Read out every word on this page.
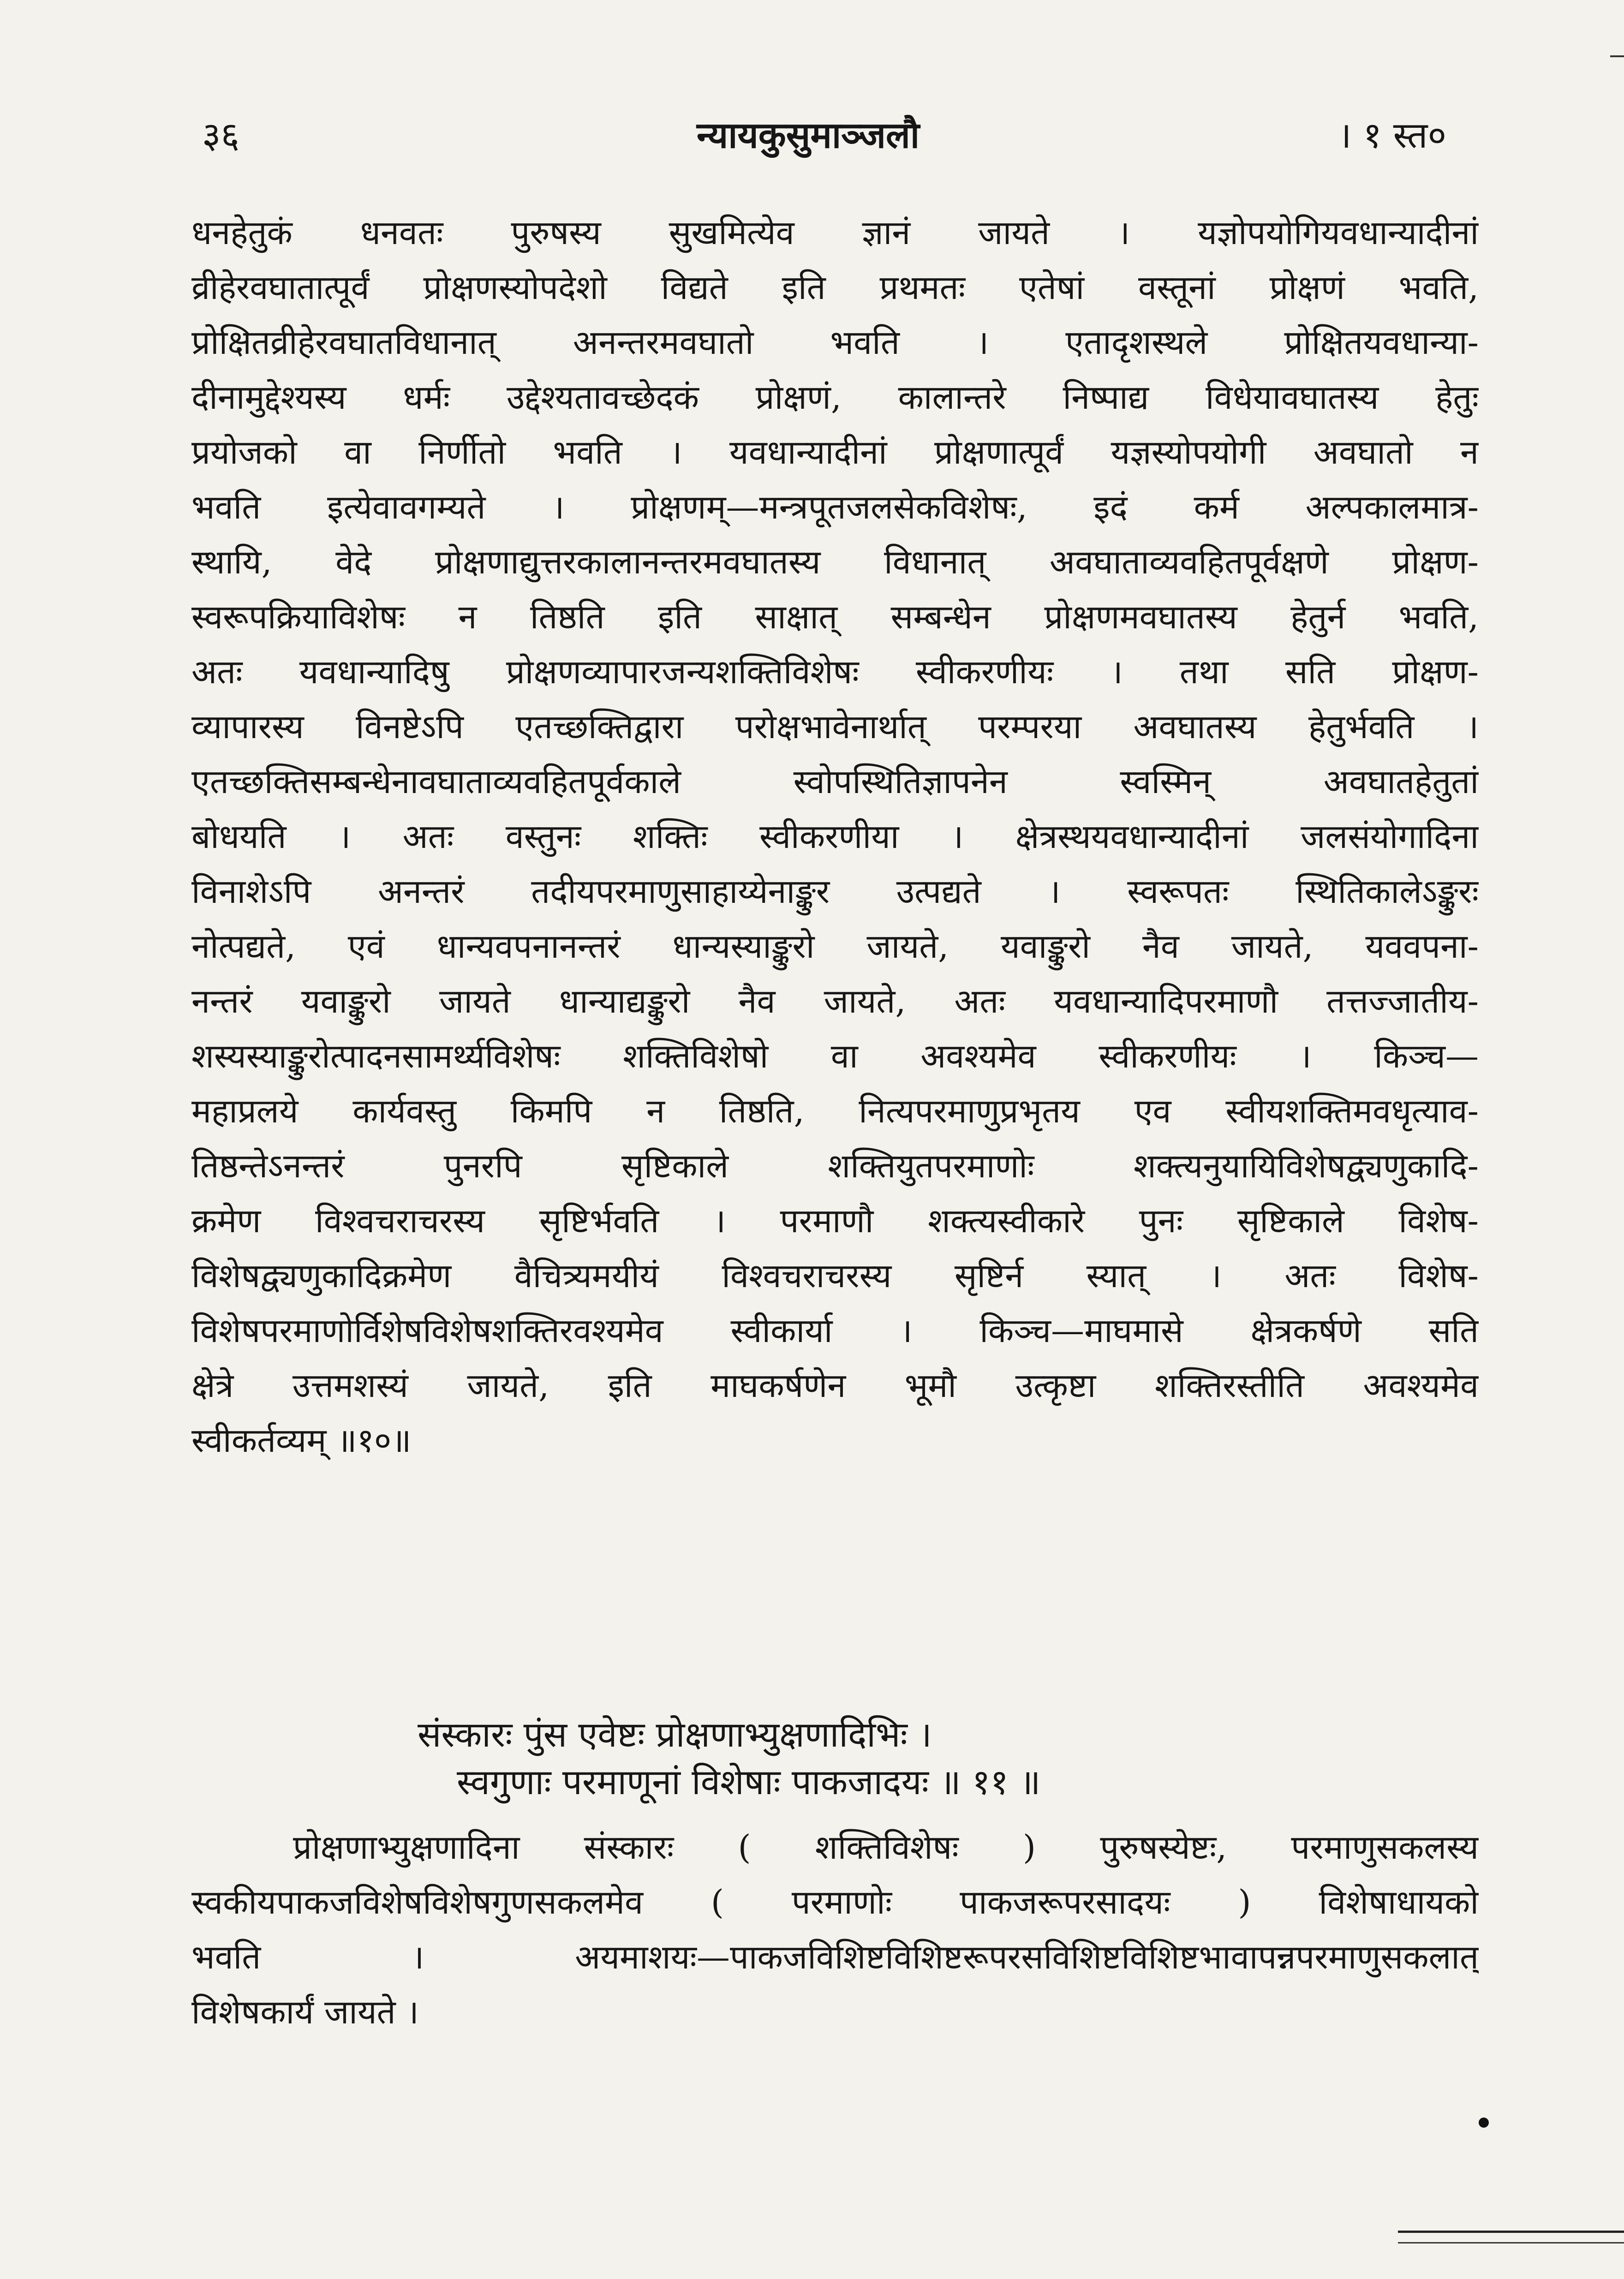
३६	न्यायकुसुमाञ्जलौ	। १ स्त०
धनहेतुकं धनवतः पुरुषस्य सुखमित्येव ज्ञानं जायते । यज्ञोपयोगियवधान्यादीनां
व्रीहेरवघातात्पूर्वं प्रोक्षणस्योपदेशो विद्यते इति प्रथमतः एतेषां वस्तूनां प्रोक्षणं भवति,
प्रोक्षितव्रीहेरवघातविधानात् अनन्तरमवघातो भवति । एतादृशस्थले प्रोक्षितयवधान्या-
दीनामुद्देश्यस्य धर्मः उद्देश्यतावच्छेदकं प्रोक्षणं, कालान्तरे निष्पाद्य विधेयावघातस्य हेतुः
प्रयोजको वा निर्णीतो भवति । यवधान्यादीनां प्रोक्षणात्पूर्वं यज्ञस्योपयोगी अवघातो न
भवति इत्येवावगम्यते । प्रोक्षणम्—मन्त्रपूतजलसेकविशेषः, इदं कर्म अल्पकालमात्र-
स्थायि, वेदे प्रोक्षणाद्युत्तरकालानन्तरमवघातस्य विधानात् अवघाताव्यवहितपूर्वक्षणे प्रोक्षण-
स्वरूपक्रियाविशेषः न तिष्ठति इति साक्षात् सम्बन्धेन प्रोक्षणमवघातस्य हेतुर्न भवति,
अतः यवधान्यादिषु प्रोक्षणव्यापारजन्यशक्तिविशेषः स्वीकरणीयः । तथा सति प्रोक्षण-
व्यापारस्य विनष्टेऽपि एतच्छक्तिद्वारा परोक्षभावेनार्थात् परम्परया अवघातस्य हेतुर्भवति ।
एतच्छक्तिसम्बन्धेनावघाताव्यवहितपूर्वकाले स्वोपस्थितिज्ञापनेन स्वस्मिन् अवघातहेतुतां
बोधयति । अतः वस्तुनः शक्तिः स्वीकरणीया । क्षेत्रस्थयवधान्यादीनां जलसंयोगादिना
विनाशेऽपि अनन्तरं तदीयपरमाणुसाहाय्येनाङ्कुर उत्पद्यते । स्वरूपतः स्थितिकालेऽङ्कुरः
नोत्पद्यते, एवं धान्यवपनानन्तरं धान्यस्याङ्कुरो जायते, यवाङ्कुरो नैव जायते, यववपना-
नन्तरं यवाङ्कुरो जायते धान्याद्यङ्कुरो नैव जायते, अतः यवधान्यादिपरमाणौ तत्तज्जातीय-
शस्यस्याङ्कुरोत्पादनसामर्थ्यविशेषः शक्तिविशेषो वा अवश्यमेव स्वीकरणीयः । किञ्च—
महाप्रलये कार्यवस्तु किमपि न तिष्ठति, नित्यपरमाणुप्रभृतय एव स्वीयशक्तिमवधृत्याव-
तिष्ठन्तेऽनन्तरं पुनरपि सृष्टिकाले शक्तियुतपरमाणोः शक्त्यनुयायिविशेषद्व्यणुकादि-
क्रमेण विश्वचराचरस्य सृष्टिर्भवति । परमाणौ शक्त्यस्वीकारे पुनः सृष्टिकाले विशेष-
विशेषद्व्यणुकादिक्रमेण वैचित्र्यमयीयं विश्वचराचरस्य सृष्टिर्न स्यात् । अतः विशेष-
विशेषपरमाणोर्विशेषविशेषशक्तिरवश्यमेव स्वीकार्या । किञ्च—माघमासे क्षेत्रकर्षणे सति
क्षेत्रे उत्तमशस्यं जायते, इति माघकर्षणेन भूमौ उत्कृष्टा शक्तिरस्तीति अवश्यमेव
स्वीकर्तव्यम् ॥१०॥
संस्कारः पुंस एवेष्टः प्रोक्षणाभ्युक्षणादिभिः ।
स्वगुणाः परमाणूनां विशेषाः पाकजादयः ॥ ११ ॥
प्रोक्षणाभ्युक्षणादिना संस्कारः ( शक्तिविशेषः ) पुरुषस्येष्टः, परमाणुसकलस्य
स्वकीयपाकजविशेषविशेषगुणसकलमेव ( परमाणोः पाकजरूपरसादयः ) विशेषाधायको
भवति । अयमाशयः—पाकजविशिष्टविशिष्टरूपरसविशिष्टविशिष्टभावापन्नपरमाणुसकलात्
विशेषकार्यं जायते ।
